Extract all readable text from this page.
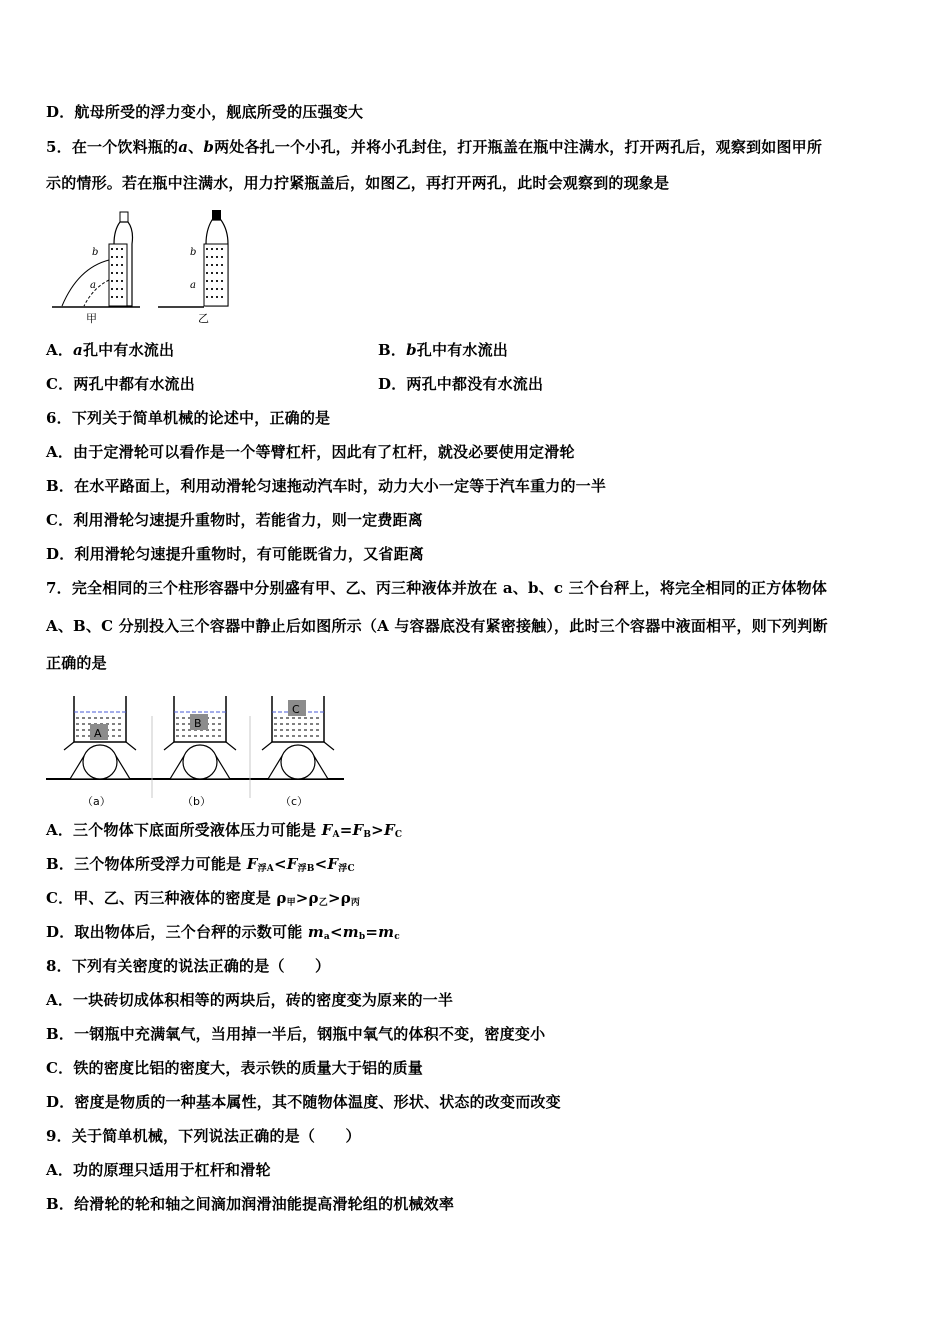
D．航母所受的浮力变小，舰底所受的压强变大
5．在一个饮料瓶的a、b两处各扎一个小孔，并将小孔封住，打开瓶盖在瓶中注满水，打开两孔后，观察到如图甲所
示的情形。若在瓶中注满水，用力拧紧瓶盖后，如图乙，再打开两孔，此时会观察到的现象是
b
a
甲
b
a
乙
A．a孔中有水流出	B．b孔中有水流出
C．两孔中都有水流出	D．两孔中都没有水流出
6．下列关于简单机械的论述中，正确的是
A．由于定滑轮可以看作是一个等臂杠杆，因此有了杠杆，就没必要使用定滑轮
B．在水平路面上，利用动滑轮匀速拖动汽车时，动力大小一定等于汽车重力的一半
C．利用滑轮匀速提升重物时，若能省力，则一定费距离
D．利用滑轮匀速提升重物时，有可能既省力，又省距离
7．完全相同的三个柱形容器中分别盛有甲、乙、丙三种液体并放在 a、b、c 三个台秤上，将完全相同的正方体物体
A、B、C 分别投入三个容器中静止后如图所示（A 与容器底没有紧密接触），此时三个容器中液面相平，则下列判断
正确的是
A
（a）
B
（b）
C
（c）
A．三个物体下底面所受液体压力可能是 $F_A=F_B>F_C$
B．三个物体所受浮力可能是 $F_{浮A}<F_{浮B}<F_{浮C}$
C．甲、乙、丙三种液体的密度是 $\rho_甲>\rho_乙>\rho_丙$
D．取出物体后，三个台秤的示数可能 $m_a<m_b=m_c$
8．下列有关密度的说法正确的是（　　）
A．一块砖切成体积相等的两块后，砖的密度变为原来的一半
B．一钢瓶中充满氧气，当用掉一半后，钢瓶中氧气的体积不变，密度变小
C．铁的密度比铝的密度大，表示铁的质量大于铝的质量
D．密度是物质的一种基本属性，其不随物体温度、形状、状态的改变而改变
9．关于简单机械，下列说法正确的是（　　）
A．功的原理只适用于杠杆和滑轮
B．给滑轮的轮和轴之间滴加润滑油能提高滑轮组的机械效率
